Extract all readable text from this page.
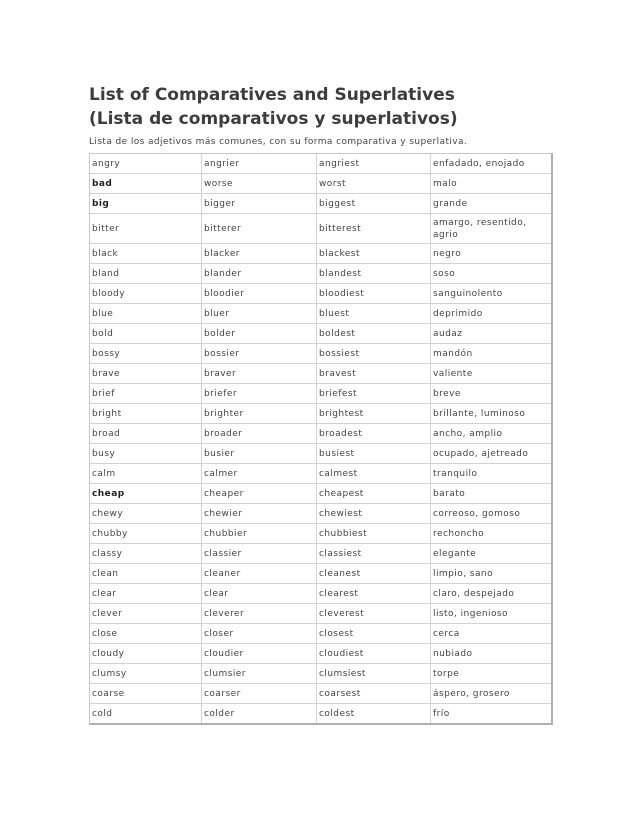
List of Comparatives and Superlatives
(Lista de comparativos y superlativos)

Lista de los adjetivos más comunes, con su forma comparativa y superlativa.

angry	angrier	angriest	enfadado, enojado
bad	worse	worst	malo
big	bigger	biggest	grande
bitter	bitterer	bitterest	amargo, resentido, agrio
black	blacker	blackest	negro
bland	blander	blandest	soso
bloody	bloodier	bloodiest	sanguinolento
blue	bluer	bluest	deprimido
bold	bolder	boldest	audaz
bossy	bossier	bossiest	mandón
brave	braver	bravest	valiente
brief	briefer	briefest	breve
bright	brighter	brightest	brillante, luminoso
broad	broader	broadest	ancho, amplio
busy	busier	busiest	ocupado, ajetreado
calm	calmer	calmest	tranquilo
cheap	cheaper	cheapest	barato
chewy	chewier	chewiest	correoso, gomoso
chubby	chubbier	chubbiest	rechoncho
classy	classier	classiest	elegante
clean	cleaner	cleanest	limpio, sano
clear	clear	clearest	claro, despejado
clever	cleverer	cleverest	listo, ingenioso
close	closer	closest	cerca
cloudy	cloudier	cloudiest	nubiado
clumsy	clumsier	clumsiest	torpe
coarse	coarser	coarsest	áspero, grosero
cold	colder	coldest	frío
